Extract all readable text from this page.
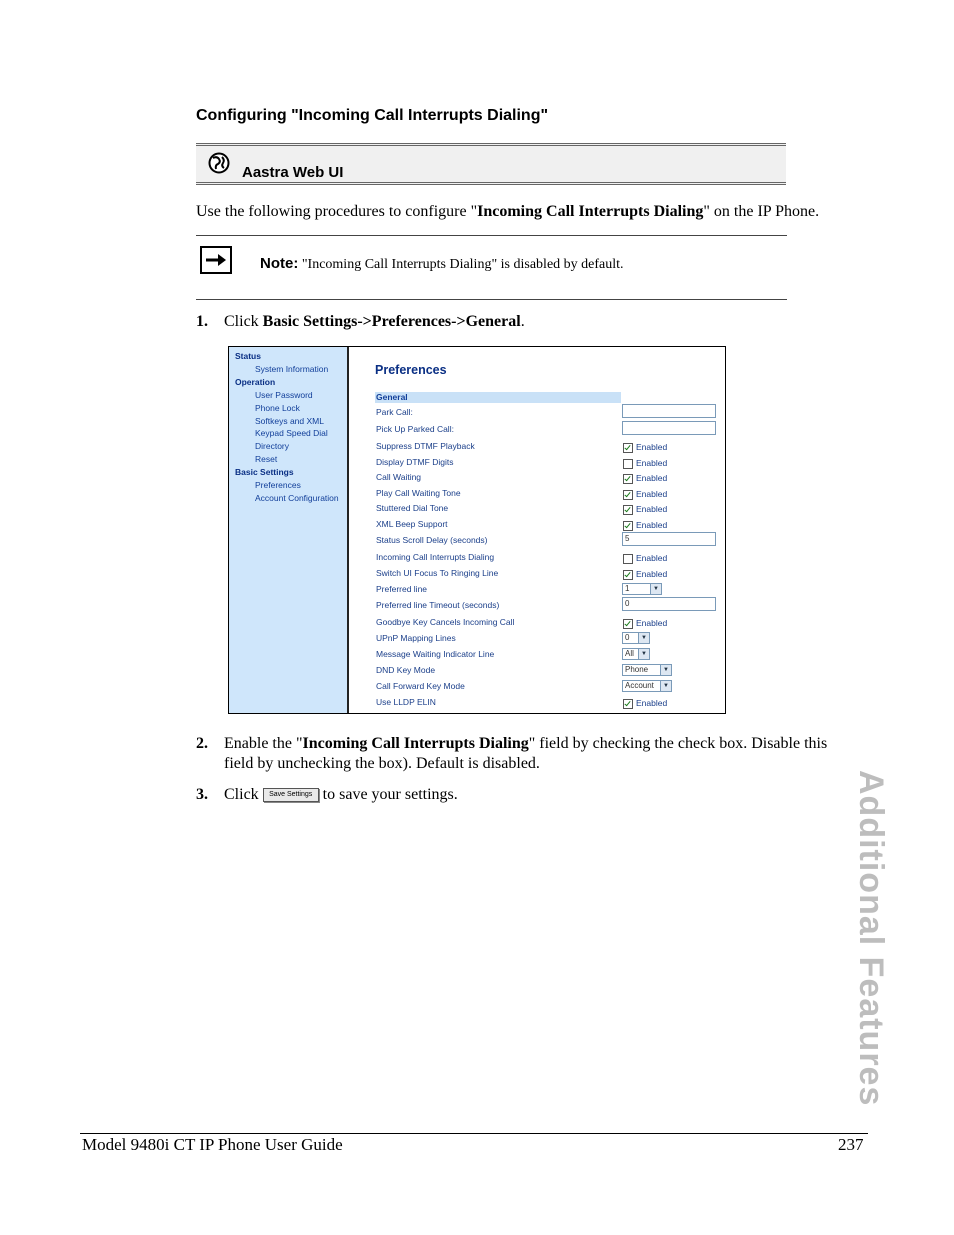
Configuring "Incoming Call Interrupts Dialing"
Aastra Web UI
Use the following procedures to configure "Incoming Call Interrupts Dialing" on the IP Phone.
Note: "Incoming Call Interrupts Dialing" is disabled by default.
1. Click Basic Settings->Preferences->General.
Status
System Information
Operation
User Password
Phone Lock
Softkeys and XML
Keypad Speed Dial
Directory
Reset
Basic Settings
Preferences
Account Configuration
Preferences
General
Park Call:
Pick Up Parked Call:
Suppress DTMF Playback	Enabled
Display DTMF Digits	Enabled
Call Waiting	Enabled
Play Call Waiting Tone	Enabled
Stuttered Dial Tone	Enabled
XML Beep Support	Enabled
Status Scroll Delay (seconds)	5
Incoming Call Interrupts Dialing	Enabled
Switch UI Focus To Ringing Line	Enabled
Preferred line	1	▼
Preferred line Timeout (seconds)	0
Goodbye Key Cancels Incoming Call	Enabled
UPnP Mapping Lines	0	▼
Message Waiting Indicator Line	All	▼
DND Key Mode	Phone	▼
Call Forward Key Mode	Account	▼
Use LLDP ELIN	Enabled
2. Enable the "Incoming Call Interrupts Dialing" field by checking the check box. Disable this
field by unchecking the box). Default is disabled.
3. Click Save Settings to save your settings.	Additional Features
Model 9480i CT IP Phone User Guide	237
